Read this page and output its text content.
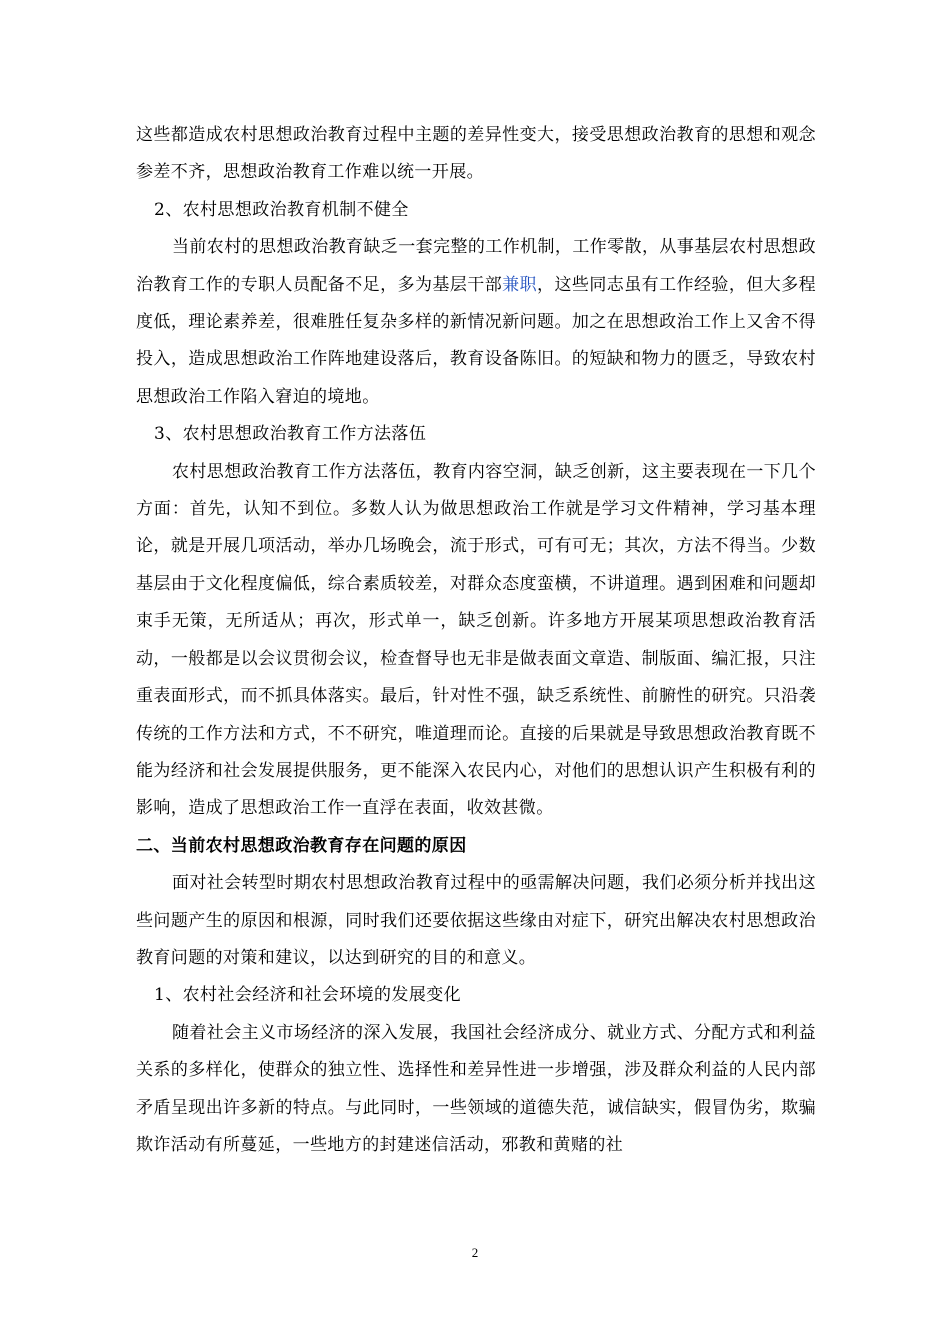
这些都造成农村思想政治教育过程中主题的差异性变大，接受思想政治教育的思想和观念参差不齐，思想政治教育工作难以统一开展。

2、农村思想政治教育机制不健全

当前农村的思想政治教育缺乏一套完整的工作机制，工作零散，从事基层农村思想政治教育工作的专职人员配备不足，多为基层干部兼职，这些同志虽有工作经验，但大多程度低，理论素养差，很难胜任复杂多样的新情况新问题。加之在思想政治工作上又舍不得投入，造成思想政治工作阵地建设落后，教育设备陈旧。的短缺和物力的匮乏，导致农村思想政治工作陷入窘迫的境地。

3、农村思想政治教育工作方法落伍

农村思想政治教育工作方法落伍，教育内容空洞，缺乏创新，这主要表现在一下几个方面：首先，认知不到位。多数人认为做思想政治工作就是学习文件精神，学习基本理论，就是开展几项活动，举办几场晚会，流于形式，可有可无；其次，方法不得当。少数基层由于文化程度偏低，综合素质较差，对群众态度蛮横，不讲道理。遇到困难和问题却束手无策，无所适从；再次，形式单一，缺乏创新。许多地方开展某项思想政治教育活动，一般都是以会议贯彻会议，检查督导也无非是做表面文章造、制版面、编汇报，只注重表面形式，而不抓具体落实。最后，针对性不强，缺乏系统性、前腑性的研究。只沿袭传统的工作方法和方式，不不研究，唯道理而论。直接的后果就是导致思想政治教育既不能为经济和社会发展提供服务，更不能深入农民内心，对他们的思想认识产生积极有利的影响，造成了思想政治工作一直浮在表面，收效甚微。

二、当前农村思想政治教育存在问题的原因

面对社会转型时期农村思想政治教育过程中的亟需解决问题，我们必须分析并找出这些问题产生的原因和根源，同时我们还要依据这些缘由对症下，研究出解决农村思想政治教育问题的对策和建议，以达到研究的目的和意义。

1、农村社会经济和社会环境的发展变化

随着社会主义市场经济的深入发展，我国社会经济成分、就业方式、分配方式和利益关系的多样化，使群众的独立性、选择性和差异性进一步增强，涉及群众利益的人民内部矛盾呈现出许多新的特点。与此同时，一些领域的道德失范，诚信缺实，假冒伪劣，欺骗欺诈活动有所蔓延，一些地方的封建迷信活动，邪教和黄赌的社

2
